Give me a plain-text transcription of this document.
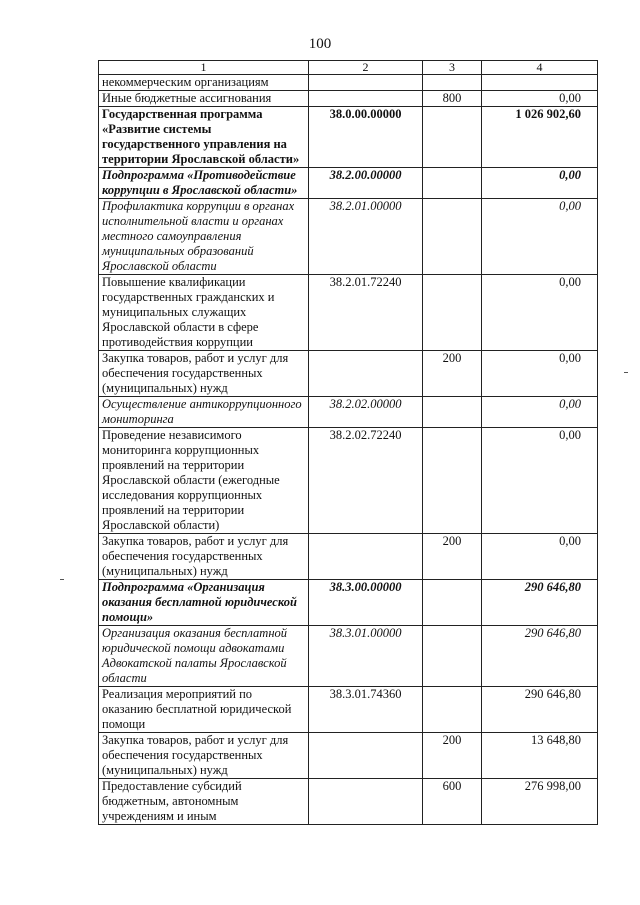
100
1	2	3	4
некоммерческим организациям			
Иные бюджетные ассигнования		800	0,00
Государственная программа «Развитие системы государственного управления на территории Ярославской области»	38.0.00.00000		1 026 902,60
Подпрограмма «Противодействие коррупции в Ярославской области»	38.2.00.00000		0,00
Профилактика коррупции в органах исполнительной власти и органах местного самоуправления муниципальных образований Ярославской области	38.2.01.00000		0,00
Повышение квалификации государственных гражданских и муниципальных служащих Ярославской области в сфере противодействия коррупции	38.2.01.72240		0,00
Закупка товаров, работ и услуг для обеспечения государственных (муниципальных) нужд		200	0,00
Осуществление антикоррупционного мониторинга	38.2.02.00000		0,00
Проведение независимого мониторинга коррупционных проявлений на территории Ярославской области (ежегодные исследования коррупционных проявлений на территории Ярославской области)	38.2.02.72240		0,00
Закупка товаров, работ и услуг для обеспечения государственных (муниципальных) нужд		200	0,00
Подпрограмма «Организация оказания бесплатной юридической помощи»	38.3.00.00000		290 646,80
Организация оказания бесплатной юридической помощи адвокатами Адвокатской палаты Ярославской области	38.3.01.00000		290 646,80
Реализация мероприятий по оказанию бесплатной юридической помощи	38.3.01.74360		290 646,80
Закупка товаров, работ и услуг для обеспечения государственных (муниципальных) нужд		200	13 648,80
Предоставление субсидий бюджетным, автономным учреждениям и иным		600	276 998,00
